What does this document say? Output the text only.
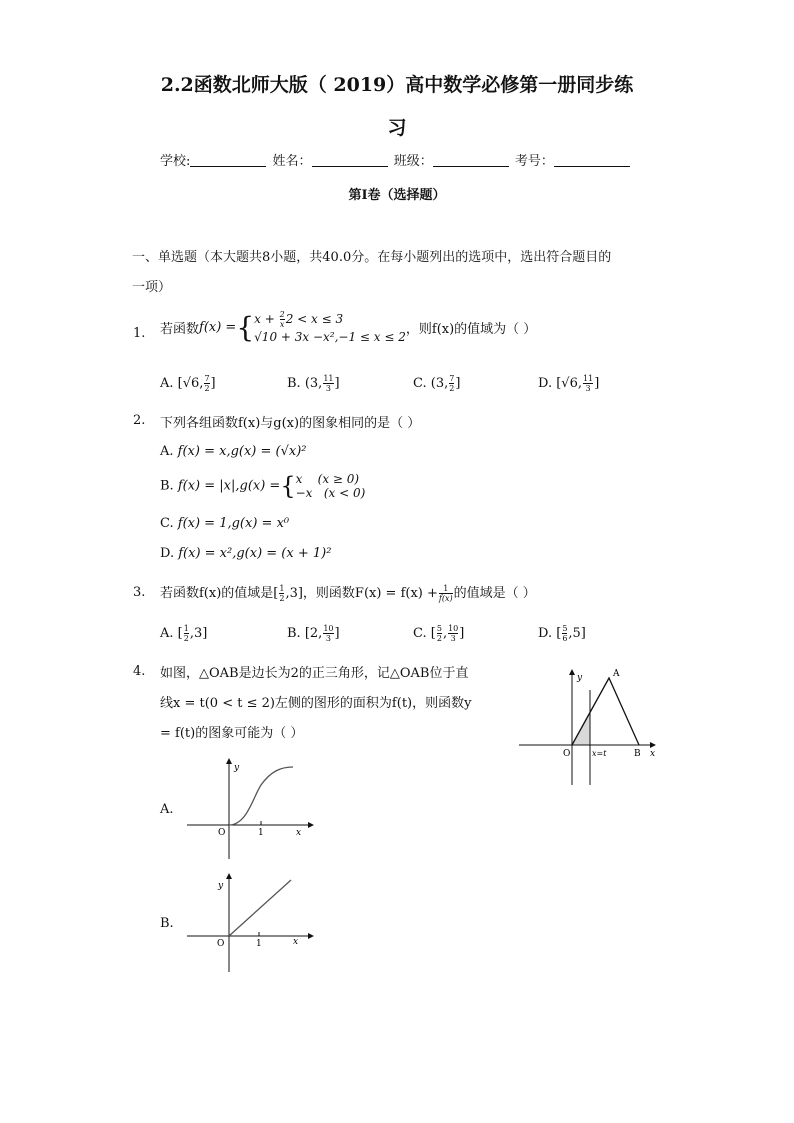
2.2函数北师大版（ 2019）高中数学必修第一册同步练
习
学校:	姓名：	班级：	考号：
第I卷（选择题）
一、单选题（本大题共8小题，共40.0分。在每小题列出的选项中，选出符合题目的
一项）
1. 若函数f(x) ={ $x + \frac{2}{x} 2 < x \le 3$
√10 + 3x −x²,−1 ≤ x ≤ 2 ，则f(x)的值域为（ ）
A. [√6, $\frac{7}{2}$ ]	B. (3, $\frac{11}{3}$ ]	C. (3, $\frac{7}{2}$ ]	D. [√6, $\frac{11}{3}$ ]
2. 下列各组函数f(x)与g(x)的图象相同的是（ ）
A. f(x) = x,g(x) = (√x)²
B. f(x) = |x|,g(x) ={ x    (x ≥ 0)
−x   (x < 0)
C. f(x) = 1,g(x) = x⁰
D. f(x) = x²,g(x) = (x + 1)²
3. 若函数f(x)的值域是[ $\frac{1}{2} ,3$]，则函数$F(x) = f(x) + \frac{1}{f(x)}$ 的值域是（ ）
A. [ $\frac{1}{2} ,3$]	B. [2, $\frac{10}{3}$ ]	C. [ $\frac{5}{2}$ , $\frac{10}{3}$ ]	D. [ $\frac{5}{6} ,5$]
4. 如图，△OAB是边长为2的正三角形，记△OAB位于直
线x = t(0 < t ≤ 2)左侧的图形的面积为f(t)，则函数y
= f(t)的图象可能为（ ）
y
x
O
A
B
x=t
A.
y
x
O	1
B.
y
x
O	1
